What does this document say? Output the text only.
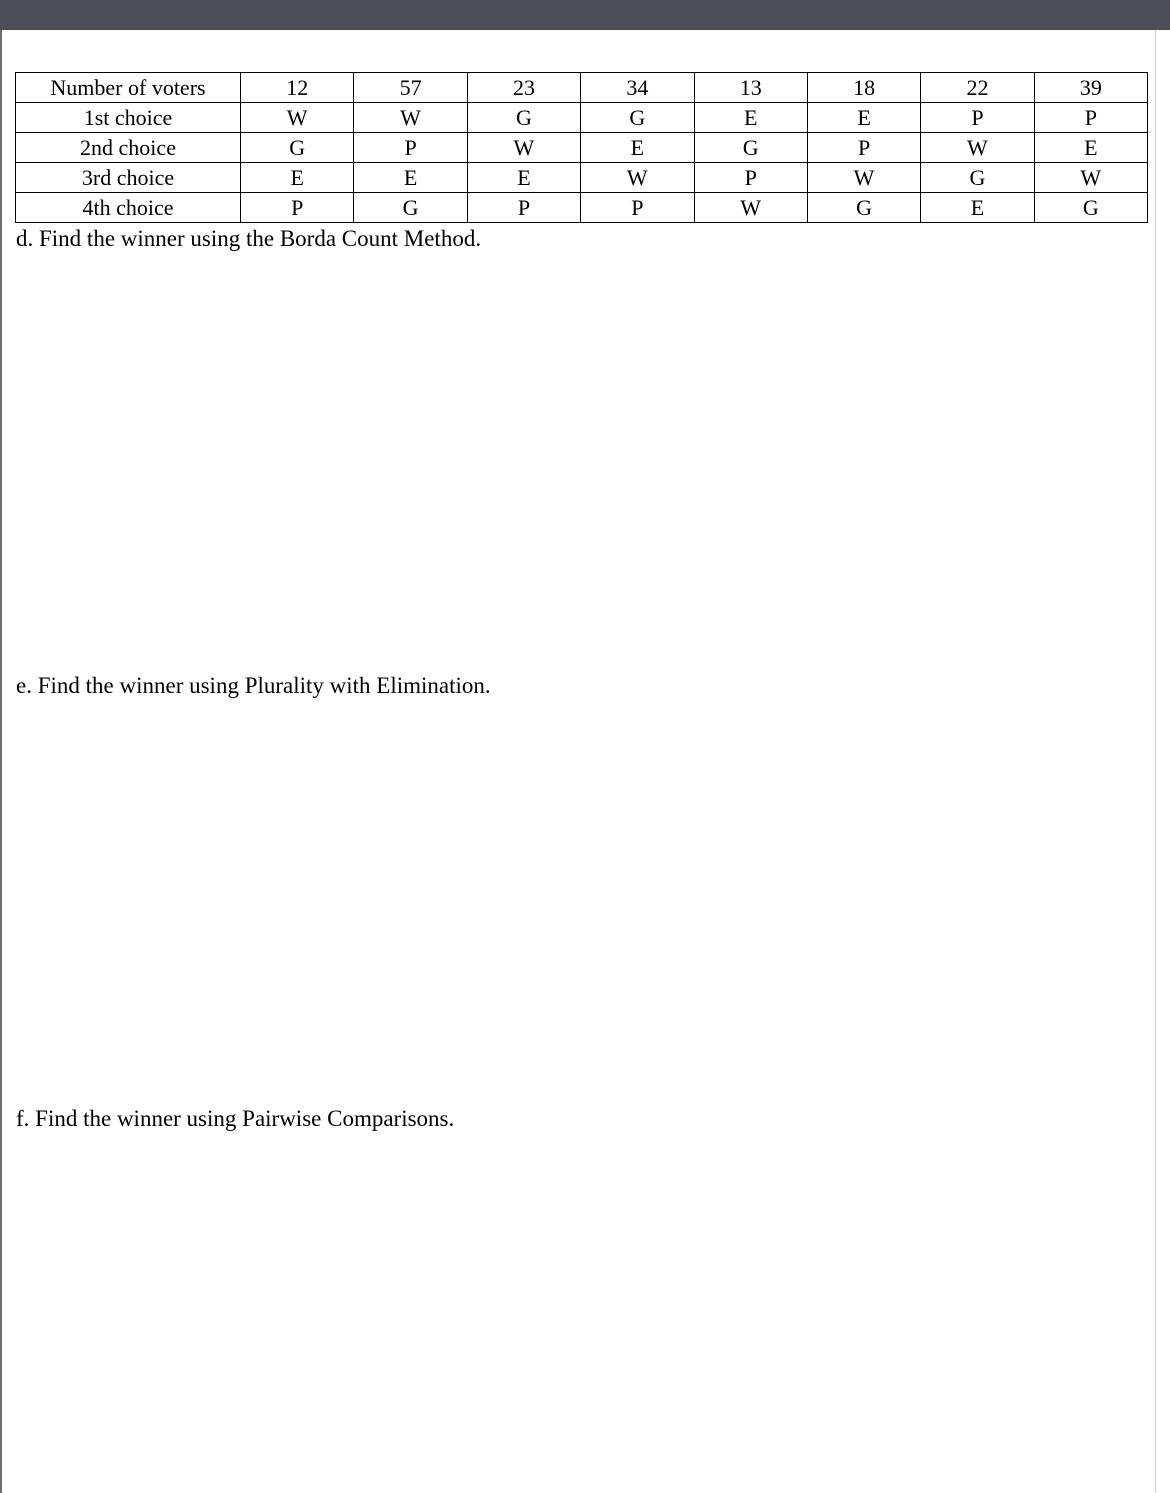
Number of voters	12	57	23	34	13	18	22	39
1st choice	W	W	G	G	E	E	P	P
2nd choice	G	P	W	E	G	P	W	E
3rd choice	E	E	E	W	P	W	G	W
4th choice	P	G	P	P	W	G	E	G
d. Find the winner using the Borda Count Method.
e. Find the winner using Plurality with Elimination.
f. Find the winner using Pairwise Comparisons.
